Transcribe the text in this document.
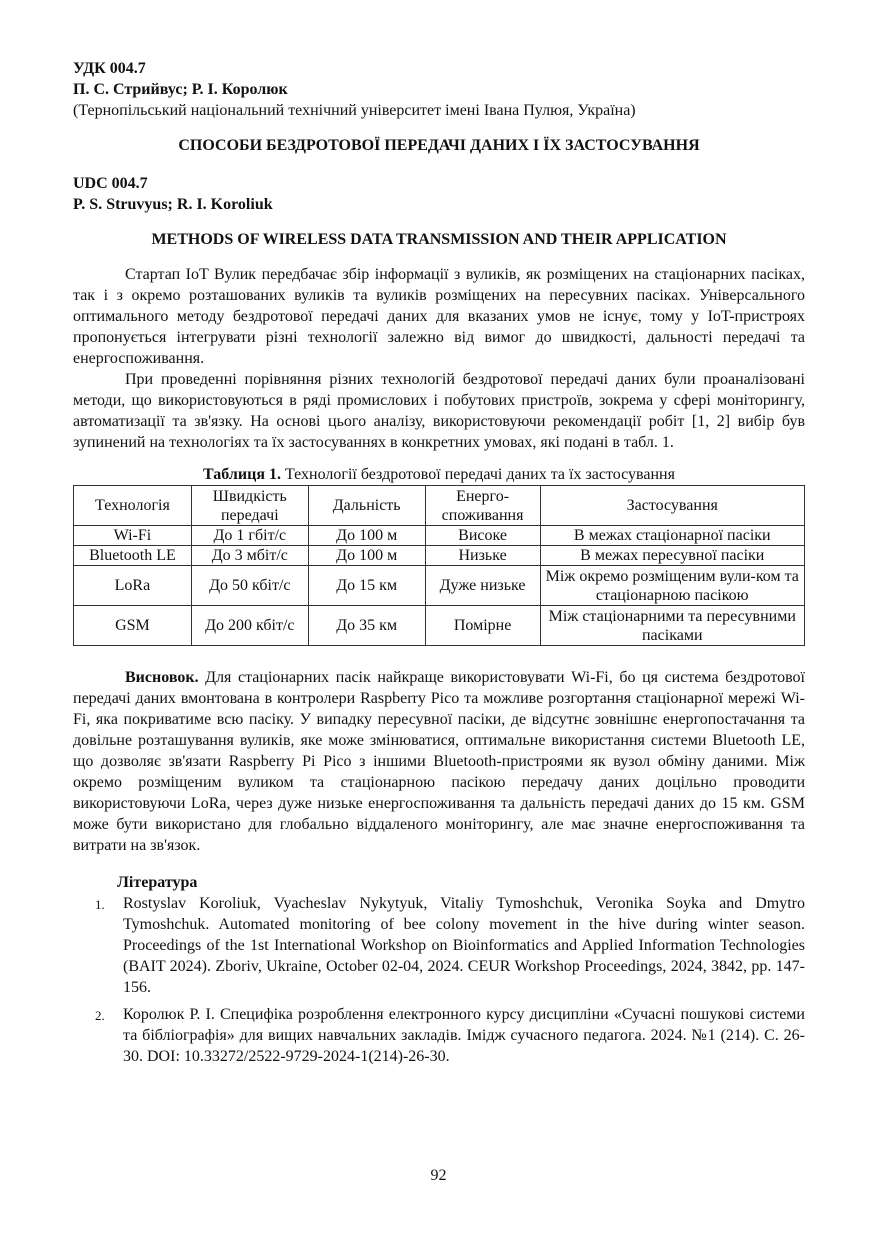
УДК 004.7

П. С. Стрийвус; Р. І. Королюк

(Тернопільський національний технічний університет імені Івана Пулюя, Україна)

СПОСОБИ БЕЗДРОТОВОЇ ПЕРЕДАЧІ ДАНИХ І ЇХ ЗАСТОСУВАННЯ

UDC 004.7

P. S. Struvyus; R. I. Koroliuk

METHODS OF WIRELESS DATA TRANSMISSION AND THEIR APPLICATION

Стартап IoT Вулик передбачає збір інформації з вуликів, як розміщених на стаціонарних пасіках, так і з окремо розташованих вуликів та вуликів розміщених на пересувних пасіках. Універсального оптимального методу бездротової передачі даних для вказаних умов не існує, тому у IoT-пристроях пропонується інтегрувати різні технології залежно від вимог до швидкості, дальності передачі та енергоспоживання.

При проведенні порівняння різних технологій бездротової передачі даних були проаналізовані методи, що використовуються в ряді промислових і побутових пристроїв, зокрема у сфері моніторингу, автоматизації та зв'язку. На основі цього аналізу, використовуючи рекомендації робіт [1, 2] вибір був зупинений на технологіях та їх застосуваннях в конкретних умовах, які подані в табл. 1.

Таблиця 1. Технології бездротової передачі даних та їх застосування

Технологія	Швидкість передачі	Дальність	Енерго-споживання	Застосування
Wi-Fi	До 1 гбіт/с	До 100 м	Високе	В межах стаціонарної пасіки
Bluetooth LE	До 3 мбіт/с	До 100 м	Низьке	В межах пересувної пасіки
LoRa	До 50 кбіт/с	До 15 км	Дуже низьке	Між окремо розміщеним вули-ком та стаціонарною пасікою
GSM	До 200 кбіт/с	До 35 км	Помірне	Між стаціонарними та пересувними пасіками

Висновок. Для стаціонарних пасік найкраще використовувати Wi-Fi, бо ця система бездротової передачі даних вмонтована в контролери Raspberry Pico та можливе розгортання стаціонарної мережі Wi-Fi, яка покриватиме всю пасіку. У випадку пересувної пасіки, де відсутнє зовнішнє енергопостачання та довільне розташування вуликів, яке може змінюватися, оптимальне використання системи Bluetooth LE, що дозволяє зв'язати Raspberry Pi Pico з іншими Bluetooth-пристроями як вузол обміну даними. Між окремо розміщеним вуликом та стаціонарною пасікою передачу даних доцільно проводити використовуючи LoRa, через дуже низьке енергоспоживання та дальність передачі даних до 15 км. GSM може бути використано для глобально віддаленого моніторингу, але має значне енергоспоживання та витрати на зв'язок.

Література

1. Rostyslav Koroliuk, Vyacheslav Nykytyuk, Vitaliy Tymoshchuk, Veronika Soyka and Dmytro Tymoshchuk. Automated monitoring of bee colony movement in the hive during winter season. Proceedings of the 1st International Workshop on Bioinformatics and Applied Information Technologies (BAIT 2024). Zboriv, Ukraine, October 02-04, 2024. CEUR Workshop Proceedings, 2024, 3842, pp. 147-156.
2. Королюк Р. І. Специфіка розроблення електронного курсу дисципліни «Сучасні пошукові системи та бібліографія» для вищих навчальних закладів. Імідж сучасного педагога. 2024. №1 (214). С. 26-30. DOI: 10.33272/2522-9729-2024-1(214)-26-30.
92
